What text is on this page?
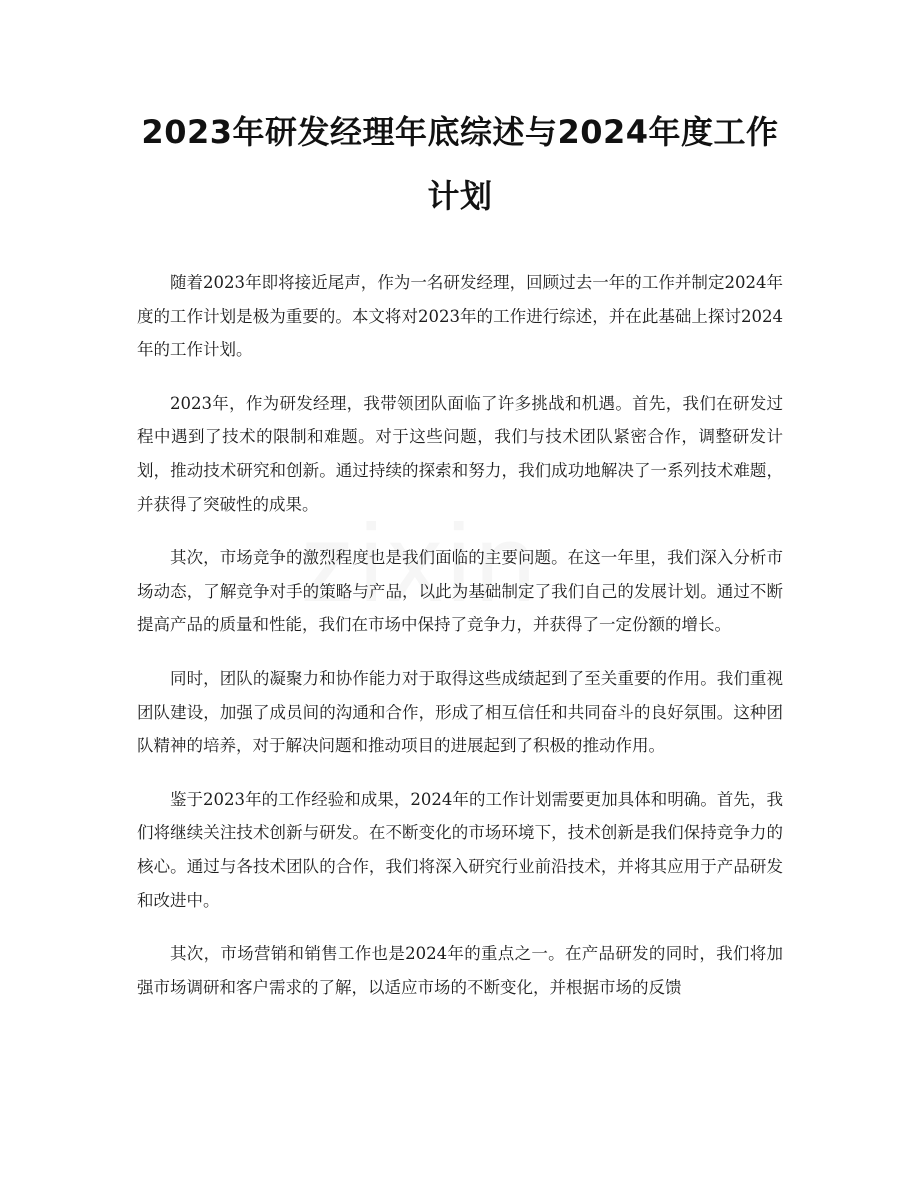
2023年研发经理年底综述与2024年度工作计划

随着2023年即将接近尾声，作为一名研发经理，回顾过去一年的工作并制定2024年度的工作计划是极为重要的。本文将对2023年的工作进行综述，并在此基础上探讨2024年的工作计划。

2023年，作为研发经理，我带领团队面临了许多挑战和机遇。首先，我们在研发过程中遇到了技术的限制和难题。对于这些问题，我们与技术团队紧密合作，调整研发计划，推动技术研究和创新。通过持续的探索和努力，我们成功地解决了一系列技术难题，并获得了突破性的成果。

其次，市场竞争的激烈程度也是我们面临的主要问题。在这一年里，我们深入分析市场动态，了解竞争对手的策略与产品，以此为基础制定了我们自己的发展计划。通过不断提高产品的质量和性能，我们在市场中保持了竞争力，并获得了一定份额的增长。

同时，团队的凝聚力和协作能力对于取得这些成绩起到了至关重要的作用。我们重视团队建设，加强了成员间的沟通和合作，形成了相互信任和共同奋斗的良好氛围。这种团队精神的培养，对于解决问题和推动项目的进展起到了积极的推动作用。

鉴于2023年的工作经验和成果，2024年的工作计划需要更加具体和明确。首先，我们将继续关注技术创新与研发。在不断变化的市场环境下，技术创新是我们保持竞争力的核心。通过与各技术团队的合作，我们将深入研究行业前沿技术，并将其应用于产品研发和改进中。

其次，市场营销和销售工作也是2024年的重点之一。在产品研发的同时，我们将加强市场调研和客户需求的了解，以适应市场的不断变化，并根据市场的反馈
